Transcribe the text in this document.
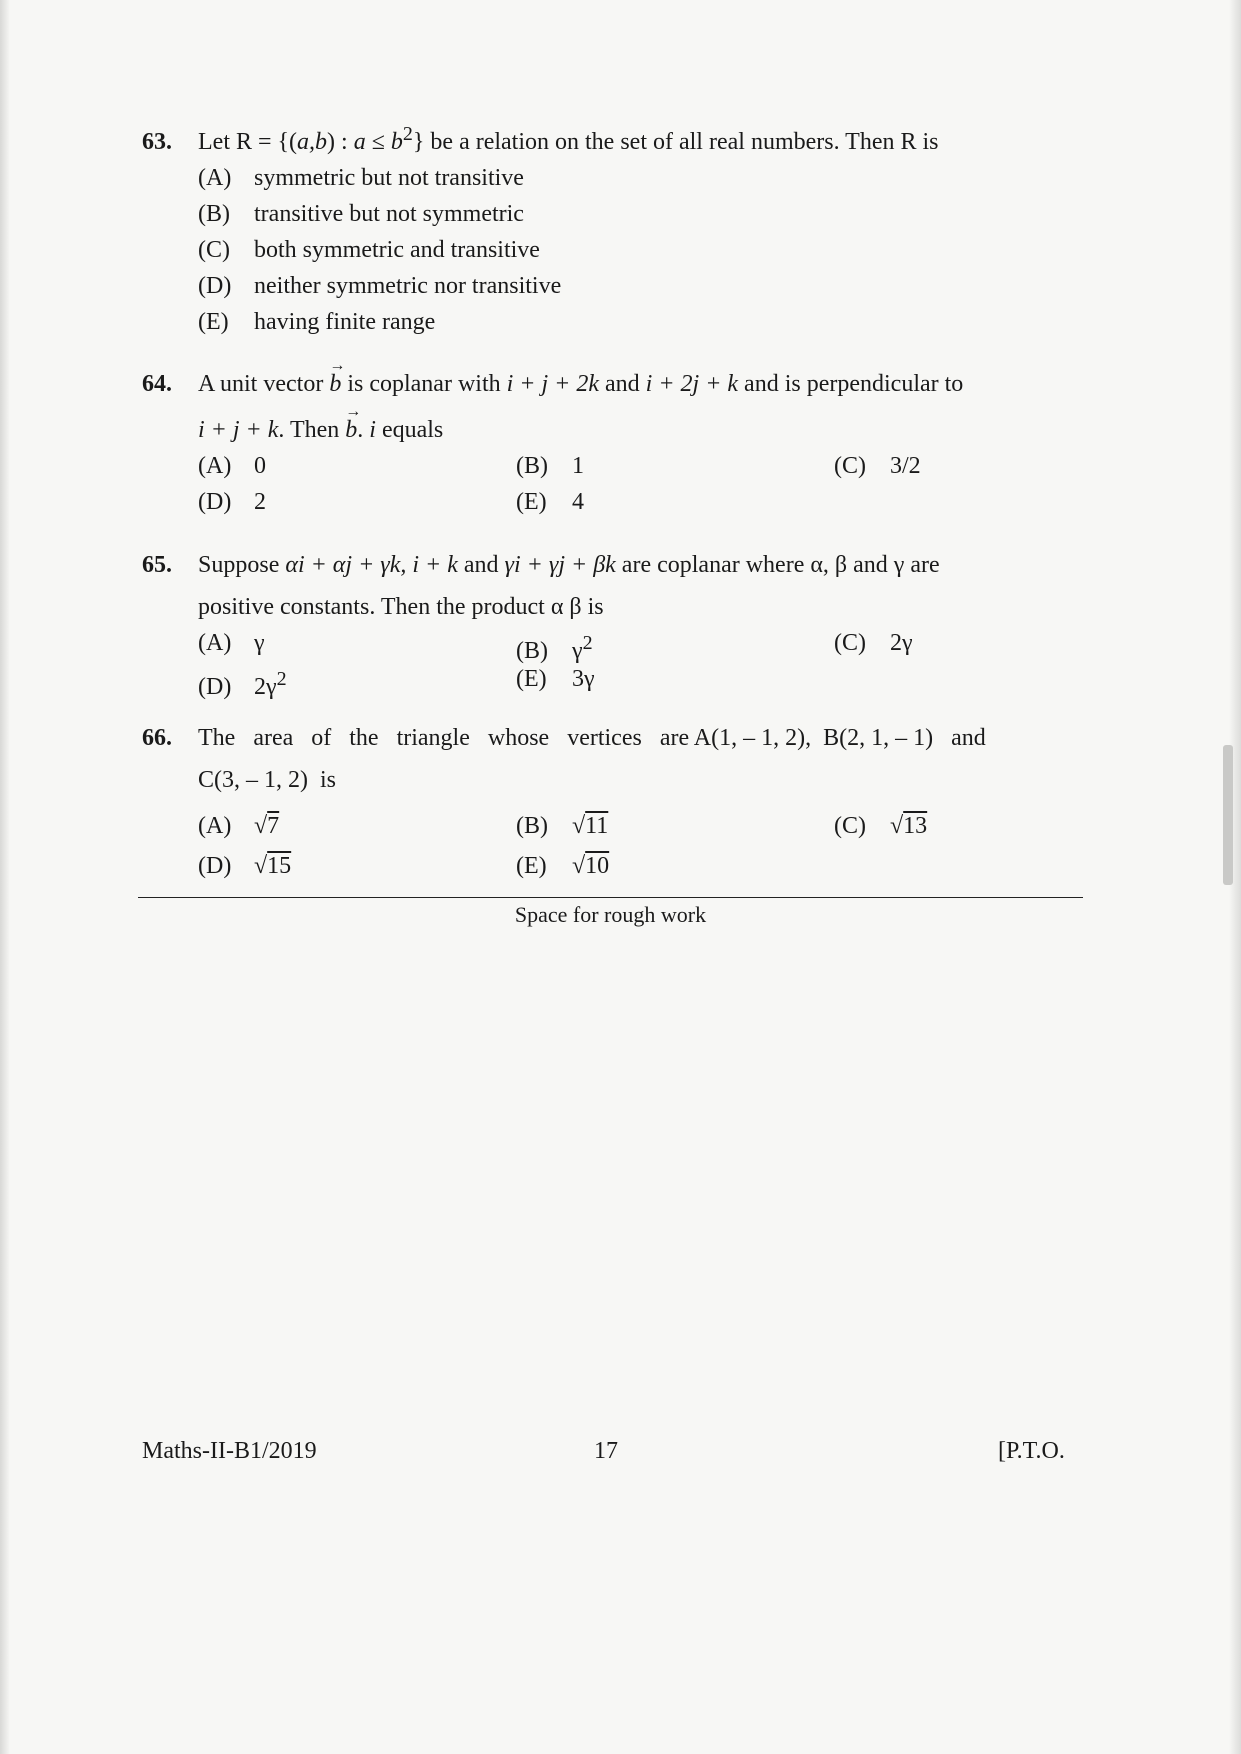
63. Let R = {(a,b) : $a \le b^2$} be a relation on the set of all real numbers. Then R is
(A) symmetric but not transitive
(B) transitive but not symmetric
(C) both symmetric and transitive
(D) neither symmetric nor transitive
(E) having finite range
64. A unit vector → b is coplanar with i + j + 2k and i + 2j + k and is perpendicular to
i + j + k. Then → b. i equals
(A) 0	(B) 1	(C) 3/2
(D) 2	(E) 4
65. Suppose αi + αj + γk, i + k and γi + γj + βk are coplanar where α, β and γ are
positive constants. Then the product α β is
(A) γ	(B) $\gamma^2$	(C) 2γ
(D) $2\gamma^2$	(E) 3γ
66. The   area   of   the   triangle   whose   vertices   are A(1, – 1, 2),  B(2, 1, – 1)   and
C(3, – 1, 2)  is
(A) √7	(B) √11	(C) √13
(D) √15	(E) √10
Space for rough work
Maths-II-B1/2019	17	[P.T.O.
